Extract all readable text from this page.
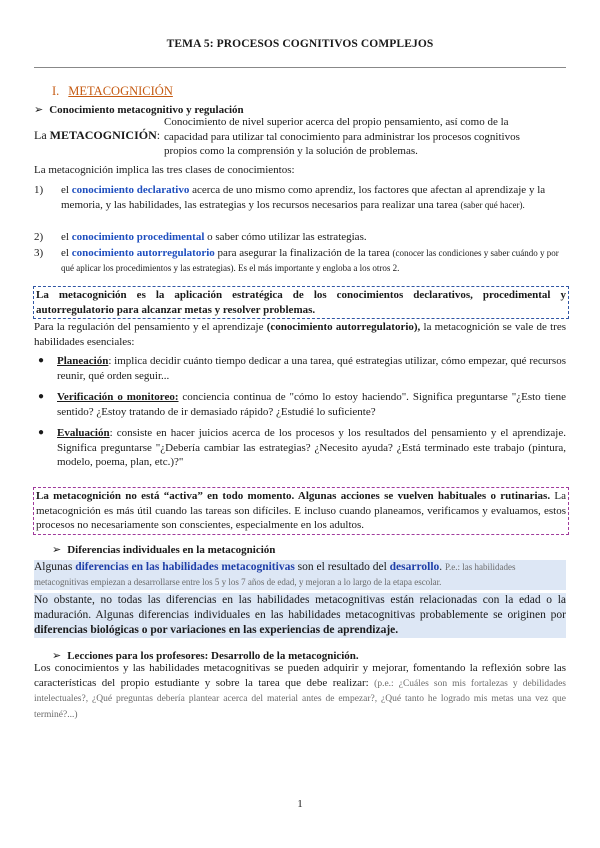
TEMA 5: PROCESOS COGNITIVOS COMPLEJOS
I. METACOGNICIÓN
➢ Conocimiento metacognitivo y regulación
La METACOGNICIÓN:
Conocimiento de nivel superior acerca del propio pensamiento, así como de la
capacidad para utilizar tal conocimiento para administrar los procesos cognitivos
propios como la comprensión y la solución de problemas.
La metacognición implica las tres clases de conocimientos:
1)	el conocimiento declarativo acerca de uno mismo como aprendiz, los factores que afectan al aprendizaje y la memoria, y las habilidades, las estrategias y los recursos necesarios para realizar una tarea (saber qué hacer).
2)	el conocimiento procedimental o saber cómo utilizar las estrategias.
3)	el conocimiento autorregulatorio para asegurar la finalización de la tarea (conocer las condiciones y saber cuándo y por qué aplicar los procedimientos y las estrategias). Es el más importante y engloba a los otros 2.
La metacognición es la aplicación estratégica de los conocimientos declarativos, procedimental y autorregulatorio para alcanzar metas y resolver problemas.
Para la regulación del pensamiento y el aprendizaje (conocimiento autorregulatorio), la metacognición se vale de tres habilidades esenciales:
●	Planeación: implica decidir cuánto tiempo dedicar a una tarea, qué estrategias utilizar, cómo empezar, qué recursos reunir, qué orden seguir...
●	Verificación o monitoreo: conciencia continua de "cómo lo estoy haciendo". Significa preguntarse "¿Esto tiene sentido? ¿Estoy tratando de ir demasiado rápido? ¿Estudié lo suficiente?
●	Evaluación: consiste en hacer juicios acerca de los procesos y los resultados del pensamiento y el aprendizaje. Significa preguntarse "¿Debería cambiar las estrategias? ¿Necesito ayuda? ¿Está terminado este trabajo (pintura, modelo, poema, plan, etc.)?"
La metacognición no está “activa” en todo momento. Algunas acciones se vuelven habituales o rutinarias. La metacognición es más útil cuando las tareas son difíciles. E incluso cuando planeamos, verificamos y evaluamos, estos procesos no necesariamente son conscientes, especialmente en los adultos.
➢ Diferencias individuales en la metacognición
Algunas diferencias en las habilidades metacognitivas son el resultado del desarrollo. P.e.: las habilidades metacognitivas empiezan a desarrollarse entre los 5 y los 7 años de edad, y mejoran a lo largo de la etapa escolar.
No obstante, no todas las diferencias en las habilidades metacognitivas están relacionadas con la edad o la maduración. Algunas diferencias individuales en las habilidades metacognitivas probablemente se originen por diferencias biológicas o por variaciones en las experiencias de aprendizaje.
➢ Lecciones para los profesores: Desarrollo de la metacognición.
Los conocimientos y las habilidades metacognitivas se pueden adquirir y mejorar, fomentando la reflexión sobre las características del propio estudiante y sobre la tarea que debe realizar: (p.e.: ¿Cuáles son mis fortalezas y debilidades intelectuales?, ¿Qué preguntas debería plantear acerca del material antes de empezar?, ¿Qué tanto he logrado mis metas una vez que terminé?...)
1
